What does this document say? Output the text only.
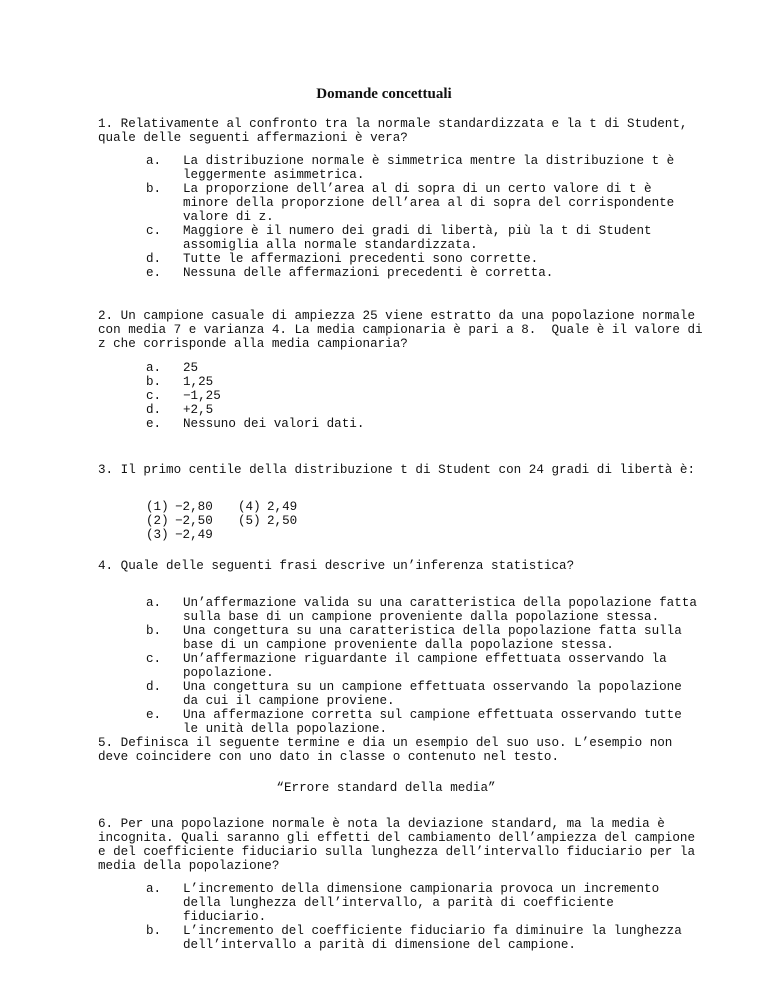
Domande concettuali

1. Relativamente al confronto tra la normale standardizzata e la t di Student,
quale delle seguenti affermazioni è vera?

a. La distribuzione normale è simmetrica mentre la distribuzione t è
leggermente asimmetrica.
b. La proporzione dell’area al di sopra di un certo valore di t è
minore della proporzione dell’area al di sopra del corrispondente
valore di z.
c. Maggiore è il numero dei gradi di libertà, più la t di Student
assomiglia alla normale standardizzata.
d. Tutte le affermazioni precedenti sono corrette.
e. Nessuna delle affermazioni precedenti è corretta.

2. Un campione casuale di ampiezza 25 viene estratto da una popolazione normale
con media 7 e varianza 4. La media campionaria è pari a 8.  Quale è il valore di
z che corrisponde alla media campionaria?

a. 25
b. 1,25
c. −1,25
d. +2,5
e. Nessuno dei valori dati.

3. Il primo centile della distribuzione t di Student con 24 gradi di libertà è:

(1) −2,80
(2) −2,50
(3) −2,49
(4) 2,49
(5) 2,50

4. Quale delle seguenti frasi descrive un’inferenza statistica?

a. Un’affermazione valida su una caratteristica della popolazione fatta
sulla base di un campione proveniente dalla popolazione stessa.
b. Una congettura su una caratteristica della popolazione fatta sulla
base di un campione proveniente dalla popolazione stessa.
c. Un’affermazione riguardante il campione effettuata osservando la
popolazione.
d. Una congettura su un campione effettuata osservando la popolazione
da cui il campione proviene.
e. Una affermazione corretta sul campione effettuata osservando tutte
le unità della popolazione.

5. Definisca il seguente termine e dia un esempio del suo uso. L’esempio non
deve coincidere con uno dato in classe o contenuto nel testo.

“Errore standard della media”

6. Per una popolazione normale è nota la deviazione standard, ma la media è
incognita. Quali saranno gli effetti del cambiamento dell’ampiezza del campione
e del coefficiente fiduciario sulla lunghezza dell’intervallo fiduciario per la
media della popolazione?

a. L’incremento della dimensione campionaria provoca un incremento
della lunghezza dell’intervallo, a parità di coefficiente
fiduciario.
b. L’incremento del coefficiente fiduciario fa diminuire la lunghezza
dell’intervallo a parità di dimensione del campione.
